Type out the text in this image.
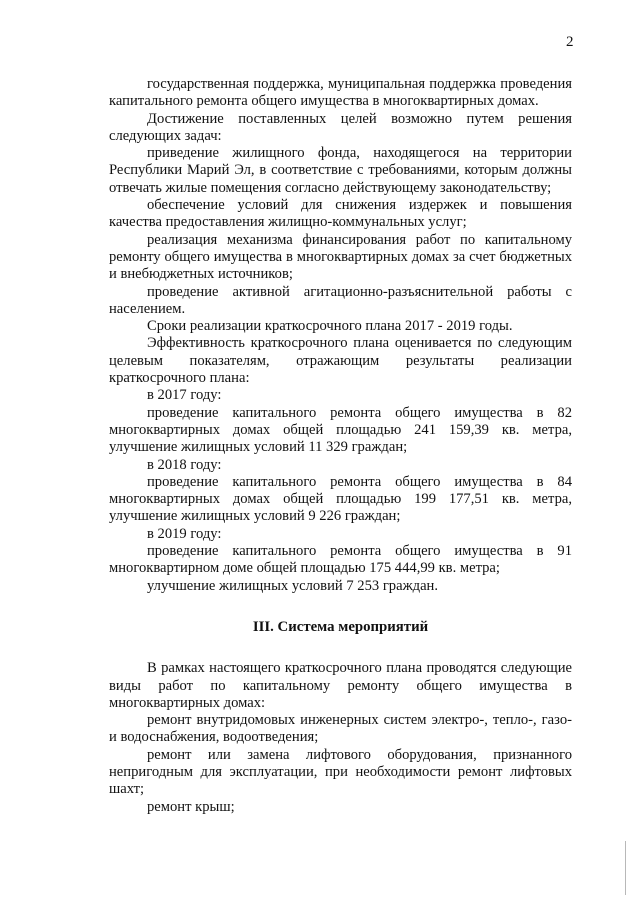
2

государственная поддержка, муниципальная поддержка проведения капитального ремонта общего имущества в многоквартирных домах.

Достижение поставленных целей возможно путем решения следующих задач:

приведение жилищного фонда, находящегося на территории Республики Марий Эл, в соответствие с требованиями, которым должны отвечать жилые помещения согласно действующему законодательству;

обеспечение условий для снижения издержек и повышения качества предоставления жилищно-коммунальных услуг;

реализация механизма финансирования работ по капитальному ремонту общего имущества в многоквартирных домах за счет бюджетных и внебюджетных источников;

проведение активной агитационно-разъяснительной работы с населением.

Сроки реализации краткосрочного плана 2017 - 2019 годы.

Эффективность краткосрочного плана оценивается по следующим целевым показателям, отражающим результаты реализации краткосрочного плана:

в 2017 году:

проведение капитального ремонта общего имущества в 82 многоквартирных домах общей площадью 241 159,39 кв. метра, улучшение жилищных условий 11 329 граждан;

в 2018 году:

проведение капитального ремонта общего имущества в 84 многоквартирных домах общей площадью 199 177,51 кв. метра, улучшение жилищных условий 9 226 граждан;

в 2019 году:

проведение капитального ремонта общего имущества в 91 многоквартирном доме общей площадью 175 444,99 кв. метра;

улучшение жилищных условий 7 253 граждан.

III. Система мероприятий

В рамках настоящего краткосрочного плана проводятся следующие виды работ по капитальному ремонту общего имущества в многоквартирных домах:

ремонт внутридомовых инженерных систем электро-, тепло-, газо- и водоснабжения, водоотведения;

ремонт или замена лифтового оборудования, признанного непригодным для эксплуатации, при необходимости ремонт лифтовых шахт;

ремонт крыш;
